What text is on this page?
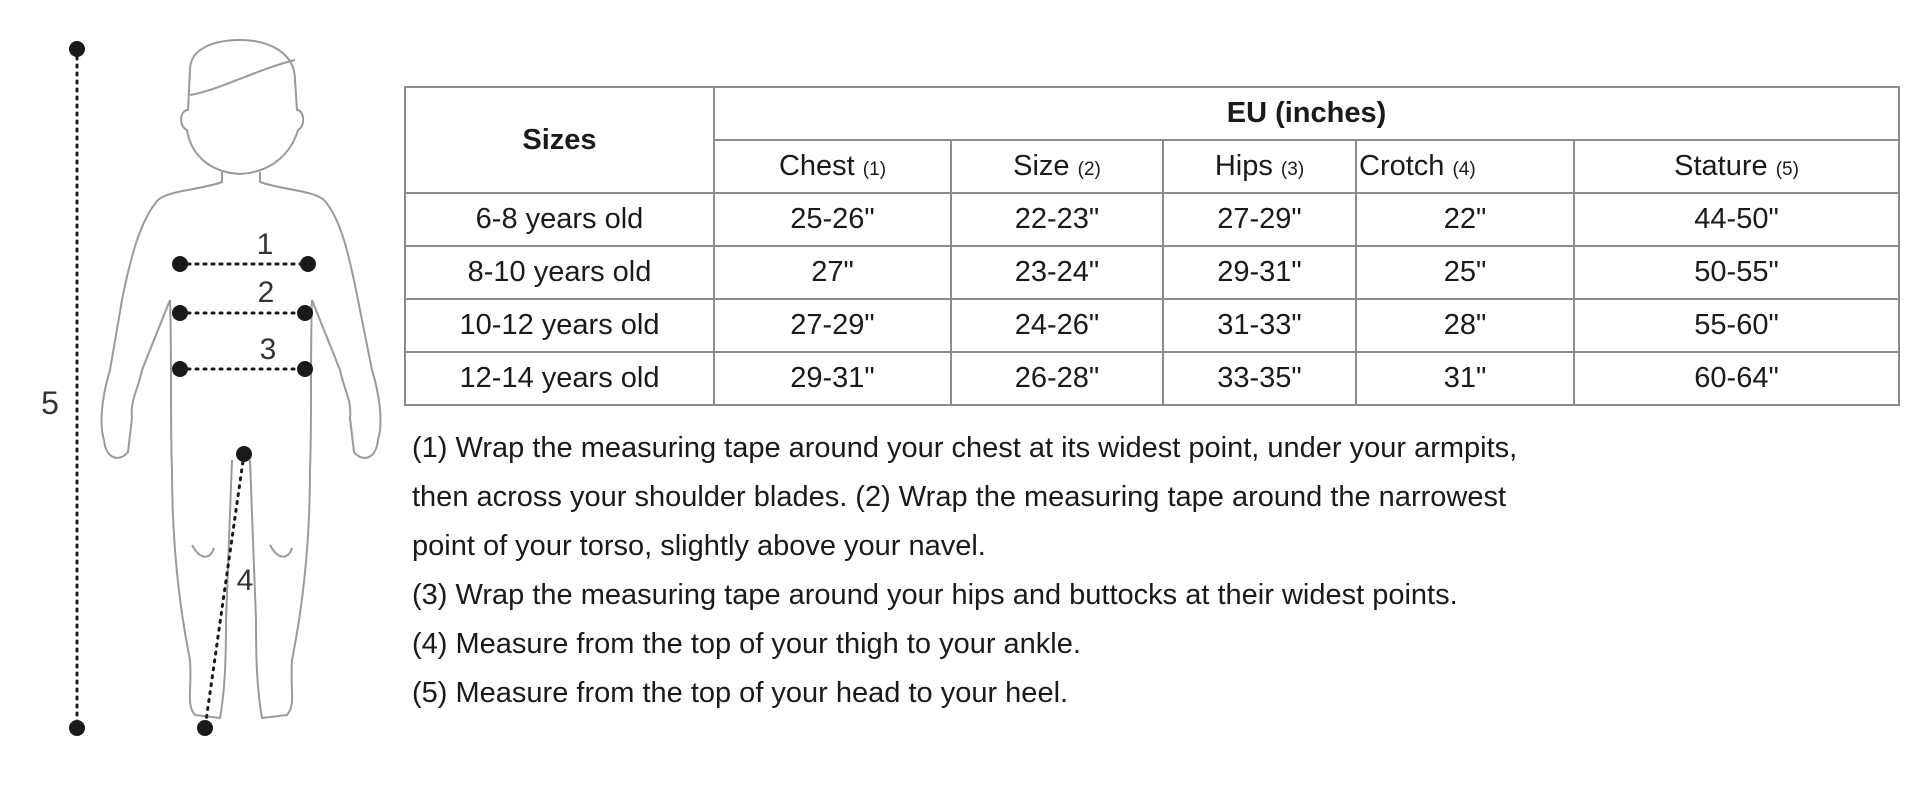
5
1
2
3
4
Sizes	EU (inches)				
	Chest (1)	Size (2)	Hips (3)	Crotch (4)	Stature (5)
6-8 years old	25-26"	22-23"	27-29"	22"	44-50"
8-10 years old	27"	23-24"	29-31"	25"	50-55"
10-12 years old	27-29"	24-26"	31-33"	28"	55-60"
12-14 years old	29-31"	26-28"	33-35"	31"	60-64"

(1) Wrap the measuring tape around your chest at its widest point, under your armpits,

then across your shoulder blades. (2) Wrap the measuring tape around the narrowest

point of your torso, slightly above your navel.

(3) Wrap the measuring tape around your hips and buttocks at their widest points.

(4) Measure from the top of your thigh to your ankle.

(5) Measure from the top of your head to your heel.
